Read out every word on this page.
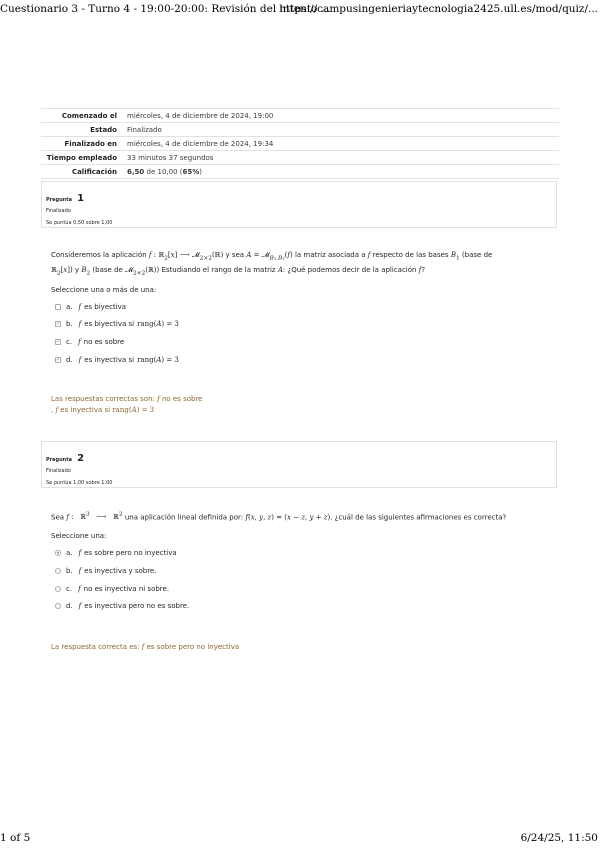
Cuestionario 3 - Turno 4 - 19:00-20:00: Revisión del intento ...
https://campusingenieriaytecnologia2425.ull.es/mod/quiz/...
Comenzado el	miércoles, 4 de diciembre de 2024, 19:00
Estado	Finalizado
Finalizado en	miércoles, 4 de diciembre de 2024, 19:34
Tiempo empleado	33 minutos 37 segundos
Calificación	6,50 de 10,00 (65%)
Pregunta 1
Finalizado
Se puntúa 0,50 sobre 1,00
Consideremos la aplicación f : ℝ$_2$[x] ⟶ 𝓜$_{2\times 2}$(ℝ) y sea A = 𝓜$_{B_1,B_2}$(f) la matriz asociada a f respecto de las bases $B_1$ (base de
ℝ$_2$[x]) y $B_2$ (base de 𝓜$_{2\times 2}$(ℝ)) Estudiando el rango de la matriz A: ¿Qué podemos decir de la aplicación f?
Seleccione una o más de una:
a. f es biyectiva
✓ b. f es biyectiva si rang(A) = 3
✓ c. f no es sobre
✓ d. f es inyectiva si rang(A) = 3
Las respuestas correctas son: f no es sobre
, f es inyectiva si rang(A) = 3
Pregunta 2
Finalizado
Se puntúa 1,00 sobre 1,00
Sea f :   ℝ$^3$   ⟶   ℝ$^2$ una aplicación lineal definida por: f(x, y, z) = (x − z, y + z). ¿cuál de las siguientes afirmaciones es correcta?
Seleccione una:
a. f es sobre pero no inyectiva
b. f es inyectiva y sobre.
c. f no es inyectiva ni sobre.
d. f es inyectiva pero no es sobre.
La respuesta correcta es: f es sobre pero no inyectiva
1 of 5	6/24/25, 11:50
